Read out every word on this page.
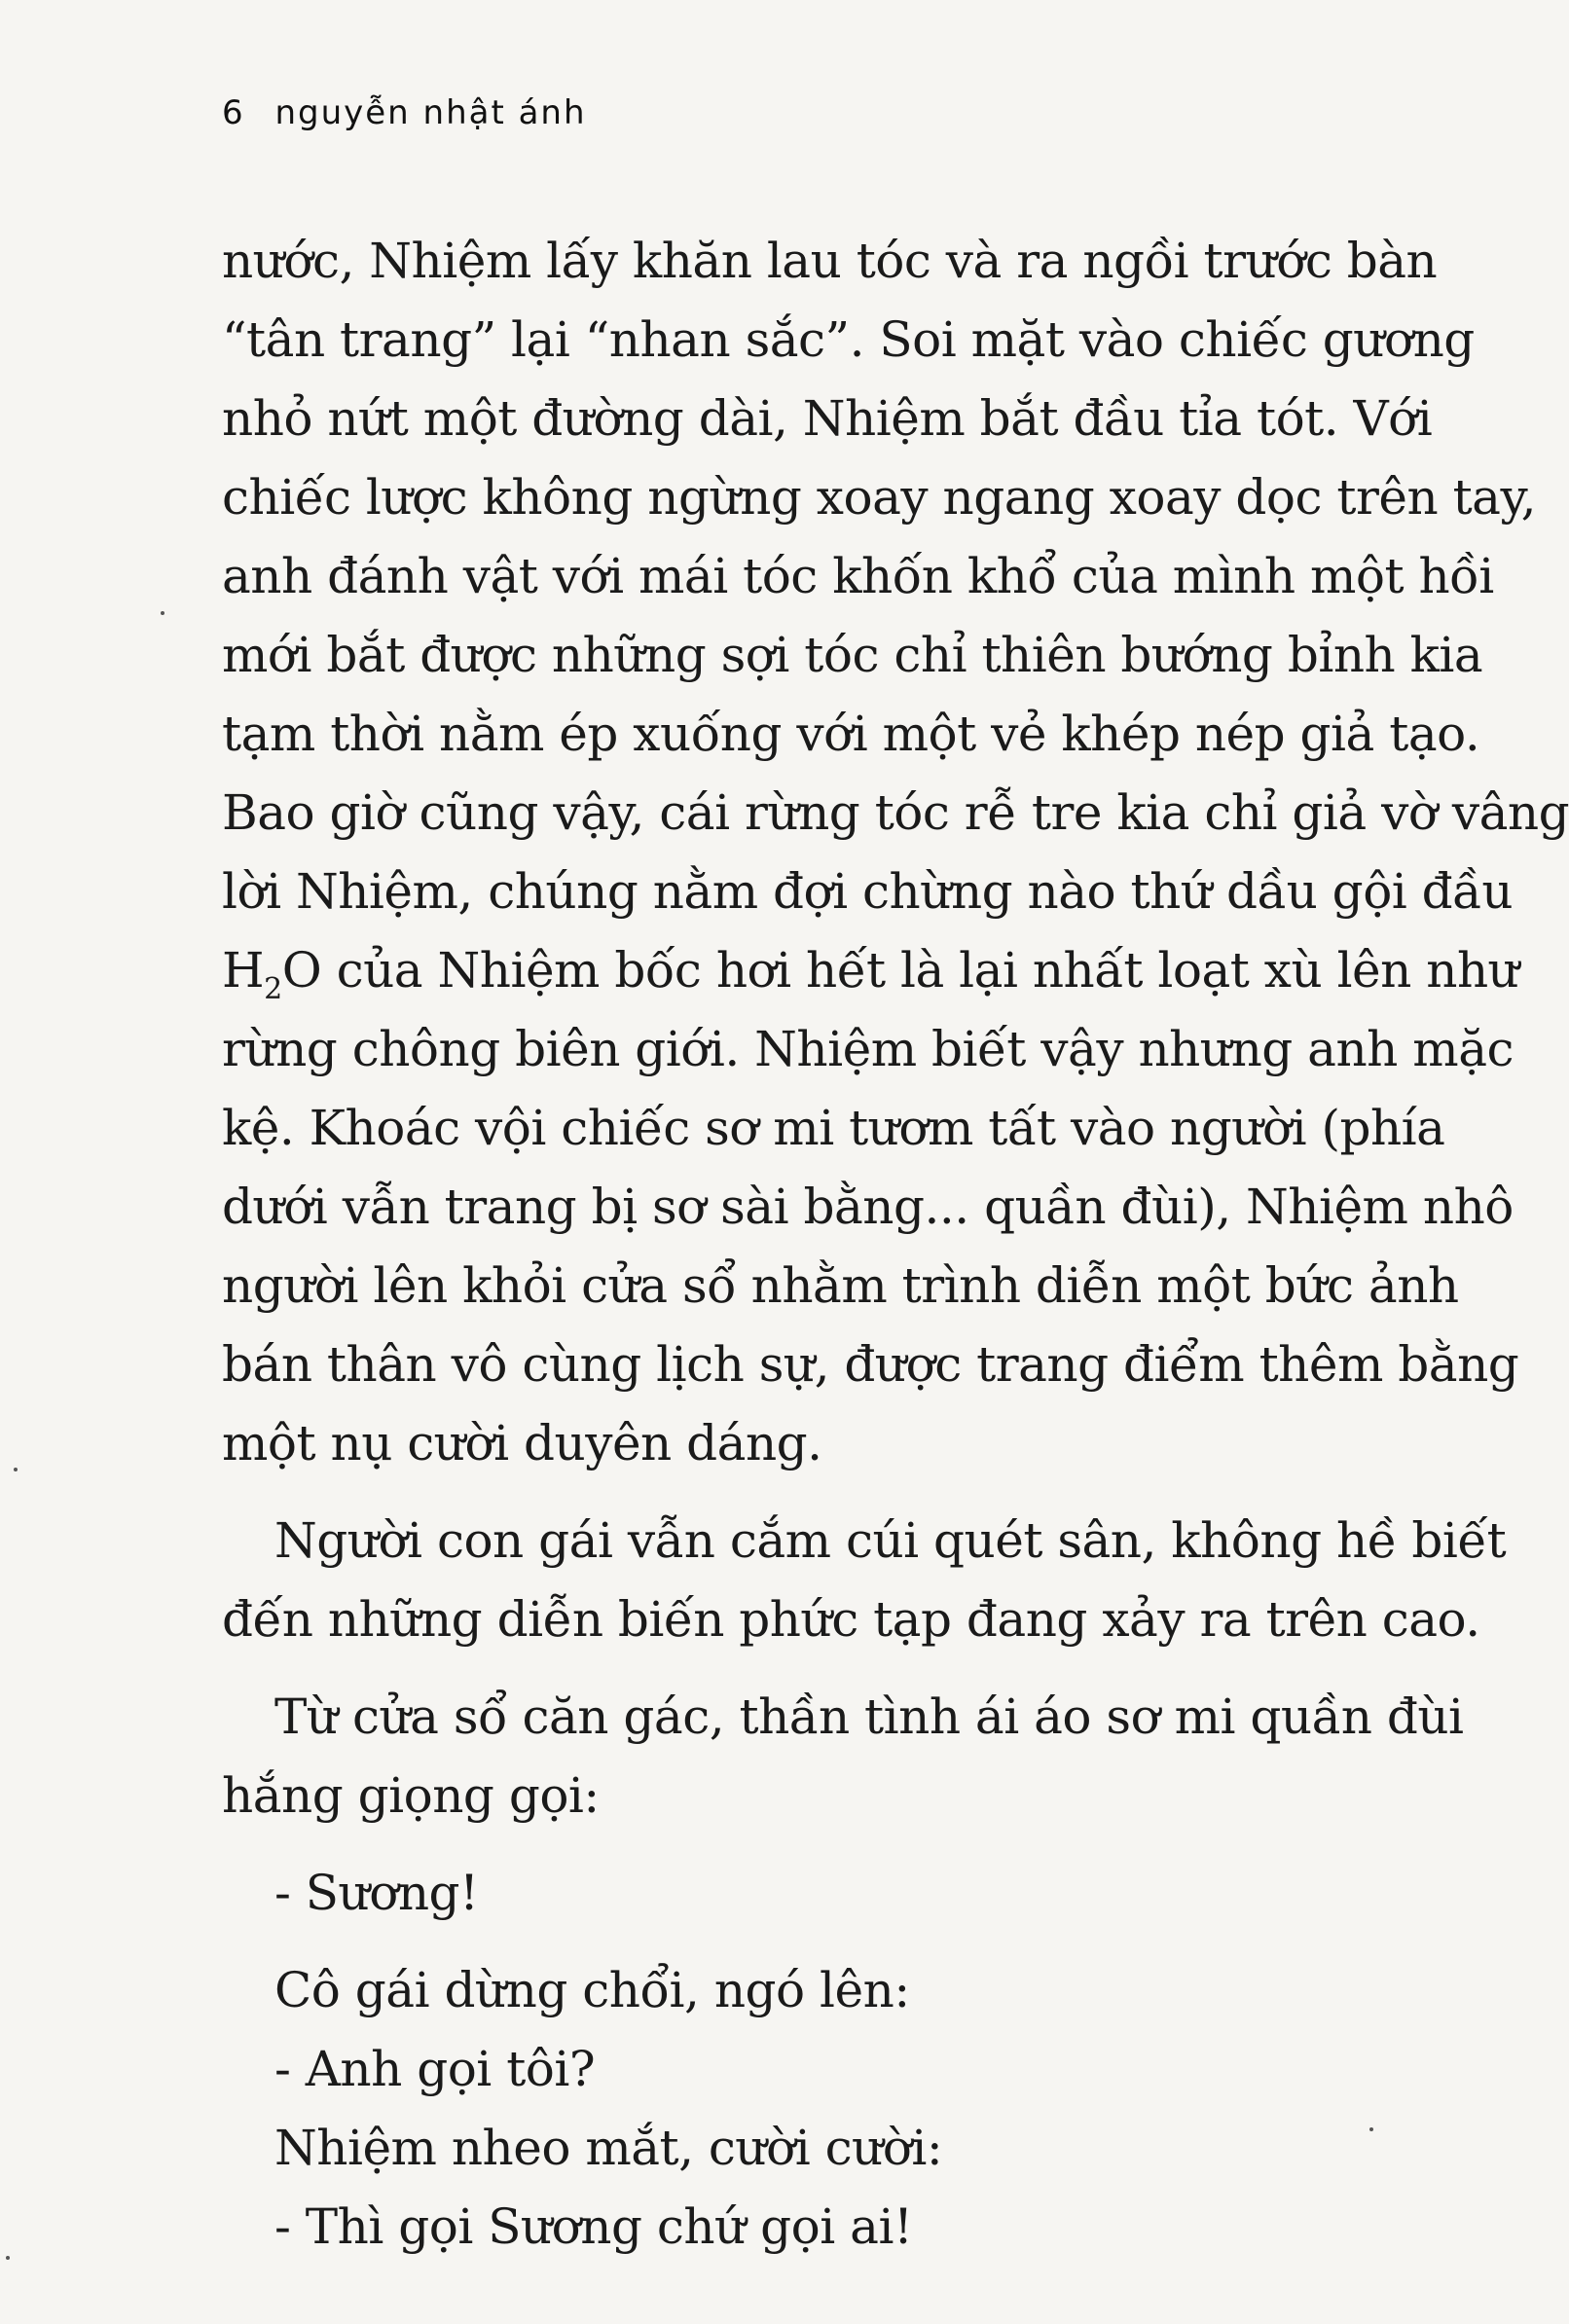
6 nguyễn nhật ánh
nước, Nhiệm lấy khăn lau tóc và ra ngồi trước bàn
“tân trang” lại “nhan sắc”. Soi mặt vào chiếc gương
nhỏ nứt một đường dài, Nhiệm bắt đầu tỉa tót. Với
chiếc lược không ngừng xoay ngang xoay dọc trên tay,
anh đánh vật với mái tóc khốn khổ của mình một hồi
mới bắt được những sợi tóc chỉ thiên bướng bỉnh kia
tạm thời nằm ép xuống với một vẻ khép nép giả tạo.
Bao giờ cũng vậy, cái rừng tóc rễ tre kia chỉ giả vờ vâng
lời Nhiệm, chúng nằm đợi chừng nào thứ dầu gội đầu
$H_2O$ của Nhiệm bốc hơi hết là lại nhất loạt xù lên như
rừng chông biên giới. Nhiệm biết vậy nhưng anh mặc
kệ. Khoác vội chiếc sơ mi tươm tất vào người (phía
dưới vẫn trang bị sơ sài bằng... quần đùi), Nhiệm nhô
người lên khỏi cửa sổ nhằm trình diễn một bức ảnh
bán thân vô cùng lịch sự, được trang điểm thêm bằng
một nụ cười duyên dáng.
Người con gái vẫn cắm cúi quét sân, không hề biết
đến những diễn biến phức tạp đang xảy ra trên cao.
Từ cửa sổ căn gác, thần tình ái áo sơ mi quần đùi
hắng giọng gọi:
- Sương!
Cô gái dừng chổi, ngó lên:
- Anh gọi tôi?
Nhiệm nheo mắt, cười cười:
- Thì gọi Sương chứ gọi ai!
